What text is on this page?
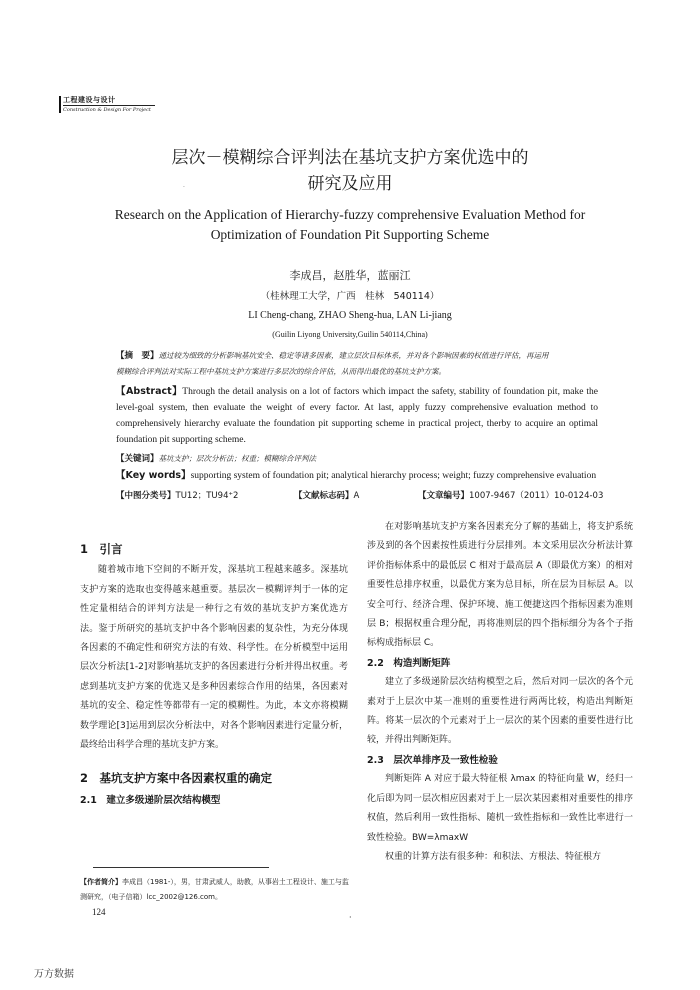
工程建设与设计
Construction & Design For Project
层次－模糊综合评判法在基坑支护方案优选中的
研究及应用
·
Research on the Application of Hierarchy-fuzzy comprehensive Evaluation Method for
Optimization of Foundation Pit Supporting Scheme
李成昌，赵胜华，蓝丽江
（桂林理工大学，广西　桂林　540114）
LI Cheng-chang, ZHAO Sheng-hua, LAN Li-jiang
(Guilin Liyong University,Guilin 540114,China)
【摘　要】通过较为细致的分析影响基坑安全、稳定等诸多因素，建立层次目标体系，并对各个影响因素的权值进行评估，再运用
模糊综合评判法对实际工程中基坑支护方案进行多层次的综合评估，从而得出最优的基坑支护方案。
【Abstract】Through the detail analysis on a lot of factors which impact the safety, stability of foundation pit, make the level-goal system, then evaluate the weight of every factor. At last, apply fuzzy comprehensive evaluation method to comprehensively hierarchy evaluate the foundation pit supporting scheme in practical project, therby to acquire an optimal foundation pit supporting scheme.
【关键词】基坑支护；层次分析法；权重；模糊综合评判法
【Key words】supporting system of foundation pit; analytical hierarchy process; weight; fuzzy comprehensive evaluation
【中图分类号】TU12；TU94⁺2	【文献标志码】A	【文章编号】1007-9467（2011）10-0124-03
1　引言

随着城市地下空间的不断开发，深基坑工程越来越多。深基坑支护方案的选取也变得越来越重要。基层次－模糊评判于一体的定性定量相结合的评判方法是一种行之有效的基坑支护方案优选方法。鉴于所研究的基坑支护中各个影响因素的复杂性，为充分体现各因素的不确定性和研究方法的有效、科学性。在分析模型中运用层次分析法[1-2]对影响基坑支护的各因素进行分析并得出权重。考虑到基坑支护方案的优选又是多种因素综合作用的结果，各因素对基坑的安全、稳定性等都带有一定的模糊性。为此，本文亦将模糊数学理论[3]运用到层次分析法中，对各个影响因素进行定量分析，最终给出科学合理的基坑支护方案。

2　基坑支护方案中各因素权重的确定
2.1　建立多级递阶层次结构模型

在对影响基坑支护方案各因素充分了解的基础上，将支护系统涉及到的各个因素按性质进行分层排列。本文采用层次分析法计算评价指标体系中的最低层 C 相对于最高层 A（即最优方案）的相对重要性总排序权重，以最优方案为总目标，所在层为目标层 A。以安全可行、经济合理、保护环境、施工便捷这四个指标因素为准则层 B；根据权重合理分配，再将准则层的四个指标细分为各个子指标构成指标层 C。

2.2　构造判断矩阵

建立了多级递阶层次结构模型之后，然后对同一层次的各个元素对于上层次中某一准则的重要性进行两两比较，构造出判断矩阵。将某一层次的个元素对于上一层次的某个因素的重要性进行比较，并得出判断矩阵。

2.3　层次单排序及一致性检验

判断矩阵 A 对应于最大特征根 λmax 的特征向量 W，经归一化后即为同一层次相应因素对于上一层次某因素相对重要性的排序权值，然后利用一致性指标、随机一致性指标和一致性比率进行一致性检验。BW=λmaxW

权重的计算方法有很多种：和积法、方根法、特征根方

【作者简介】李成昌（1981-），男，甘肃武威人，助教，从事岩土工程设计、施工与监测研究，（电子信箱）lcc_2002@126.com。
124
·
万方数据
